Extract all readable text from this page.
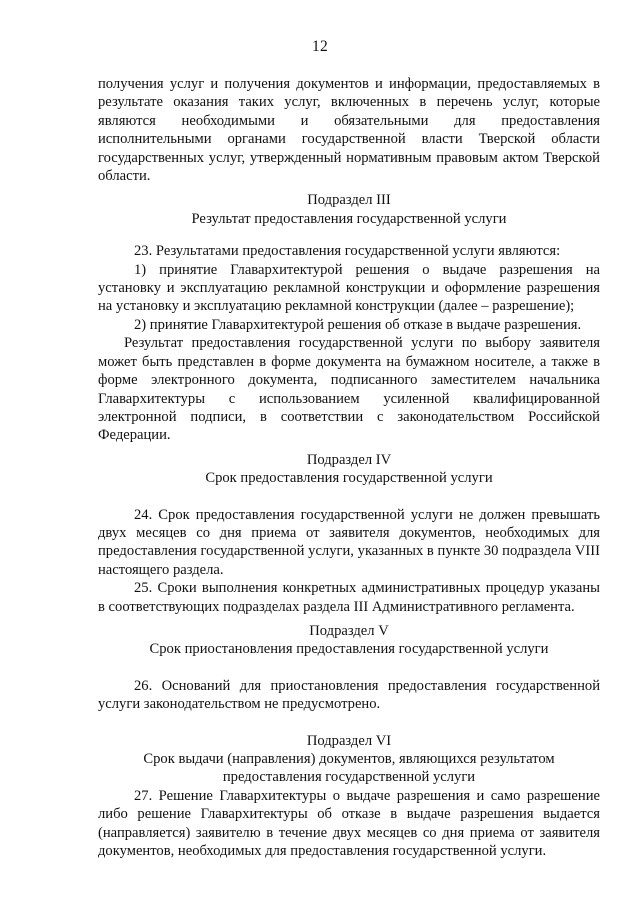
12

получения услуг и получения документов и информации, предоставляемых в результате оказания таких услуг, включенных в перечень услуг, которые являются необходимыми и обязательными для предоставления исполнительными органами государственной власти Тверской области государственных услуг, утвержденный нормативным правовым актом Тверской области.

Подраздел III

Результат предоставления государственной услуги

23. Результатами предоставления государственной услуги являются:

1) принятие Главархитектурой решения о выдаче разрешения на установку и эксплуатацию рекламной конструкции и оформление разрешения на установку и эксплуатацию рекламной конструкции (далее – разрешение);

2) принятие Главархитектурой решения об отказе в выдаче разрешения.

Результат предоставления государственной услуги по выбору заявителя может быть представлен в форме документа на бумажном носителе, а также в форме электронного документа, подписанного заместителем начальника Главархитектуры с использованием усиленной квалифицированной электронной подписи, в соответствии с законодательством Российской Федерации.

Подраздел IV

Срок предоставления государственной услуги

24. Срок предоставления государственной услуги не должен превышать двух месяцев со дня приема от заявителя документов, необходимых для предоставления государственной услуги, указанных в пункте 30 подраздела VIII настоящего раздела.

25. Сроки выполнения конкретных административных процедур указаны в соответствующих подразделах раздела III Административного регламента.

Подраздел V

Срок приостановления предоставления государственной услуги

26. Оснований для приостановления предоставления государственной услуги законодательством не предусмотрено.

Подраздел VI

Срок выдачи (направления) документов, являющихся результатом

предоставления государственной услуги

27. Решение Главархитектуры о выдаче разрешения и само разрешение либо решение Главархитектуры об отказе в выдаче разрешения выдается (направляется) заявителю в течение двух месяцев со дня приема от заявителя документов, необходимых для предоставления государственной услуги.
